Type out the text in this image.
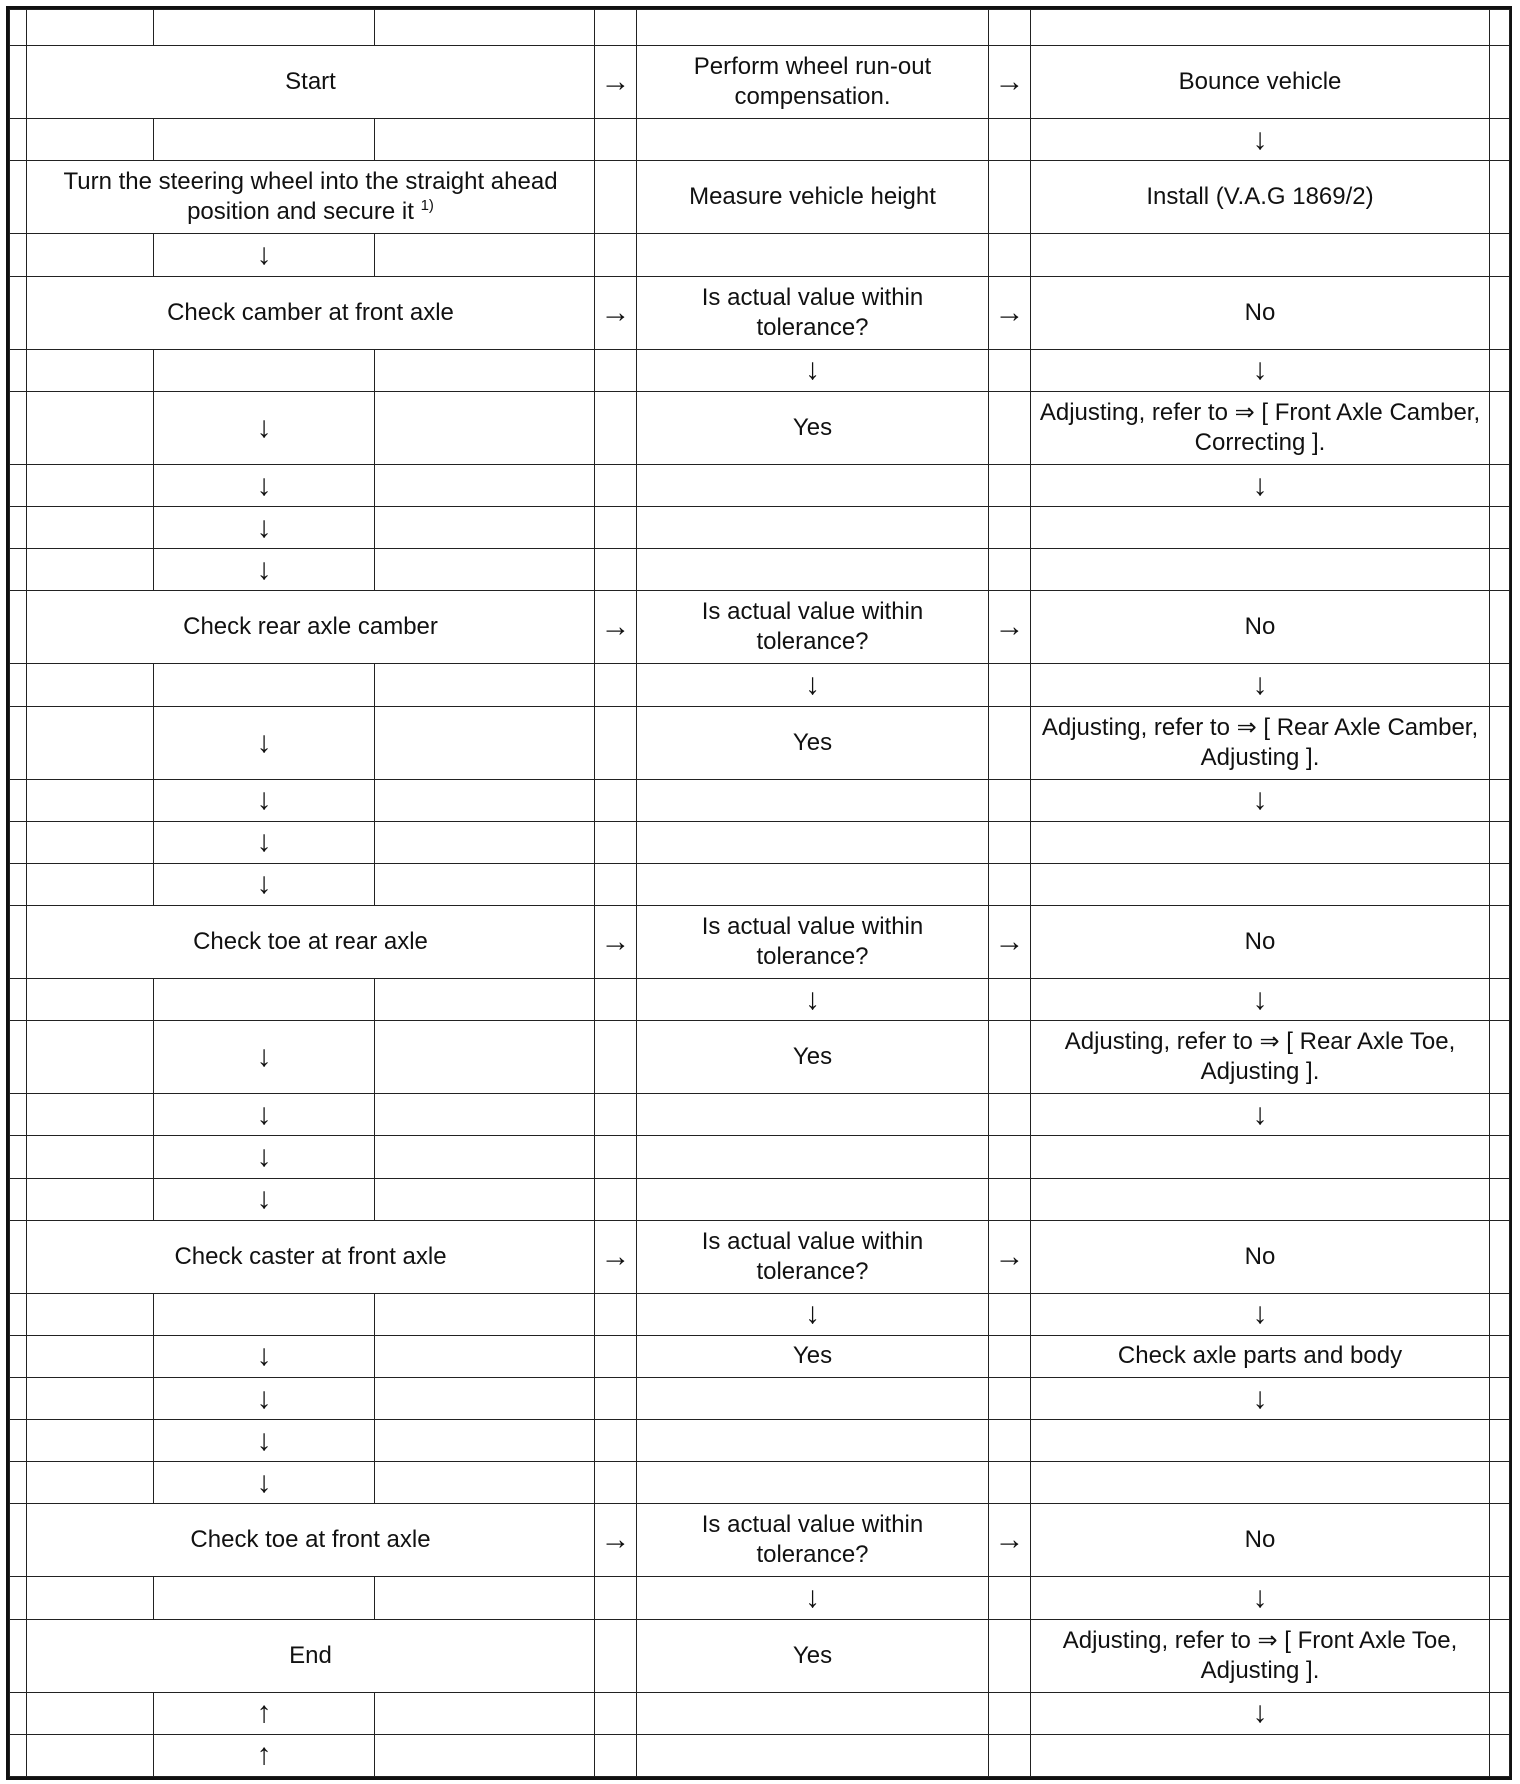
	Start			→	Perform wheel run-out compensation.	→	Bounce vehicle	
							↓	
	Turn the steering wheel into the straight ahead position and secure it $^{1)}$				Measure vehicle height		Install (V.A.G 1869/2)	
		↓						
	Check camber at front axle			→	Is actual value within tolerance?	→	No	
					↓		↓	
		↓			Yes		Adjusting, refer to ⇒ [ Front Axle Camber, Correcting ].	
		↓					↓	
		↓						
		↓						
	Check rear axle camber			→	Is actual value within tolerance?	→	No	
					↓		↓	
		↓			Yes		Adjusting, refer to ⇒ [ Rear Axle Camber, Adjusting ].	
		↓					↓	
		↓						
		↓						
	Check toe at rear axle			→	Is actual value within tolerance?	→	No	
					↓		↓	
		↓			Yes		Adjusting, refer to ⇒ [ Rear Axle Toe, Adjusting ].	
		↓					↓	
		↓						
		↓						
	Check caster at front axle			→	Is actual value within tolerance?	→	No	
					↓		↓	
		↓			Yes		Check axle parts and body	
		↓					↓	
		↓						
		↓						
	Check toe at front axle			→	Is actual value within tolerance?	→	No	
					↓		↓	
	End				Yes		Adjusting, refer to ⇒ [ Front Axle Toe, Adjusting ].	
		↑					↓	
		↑						
